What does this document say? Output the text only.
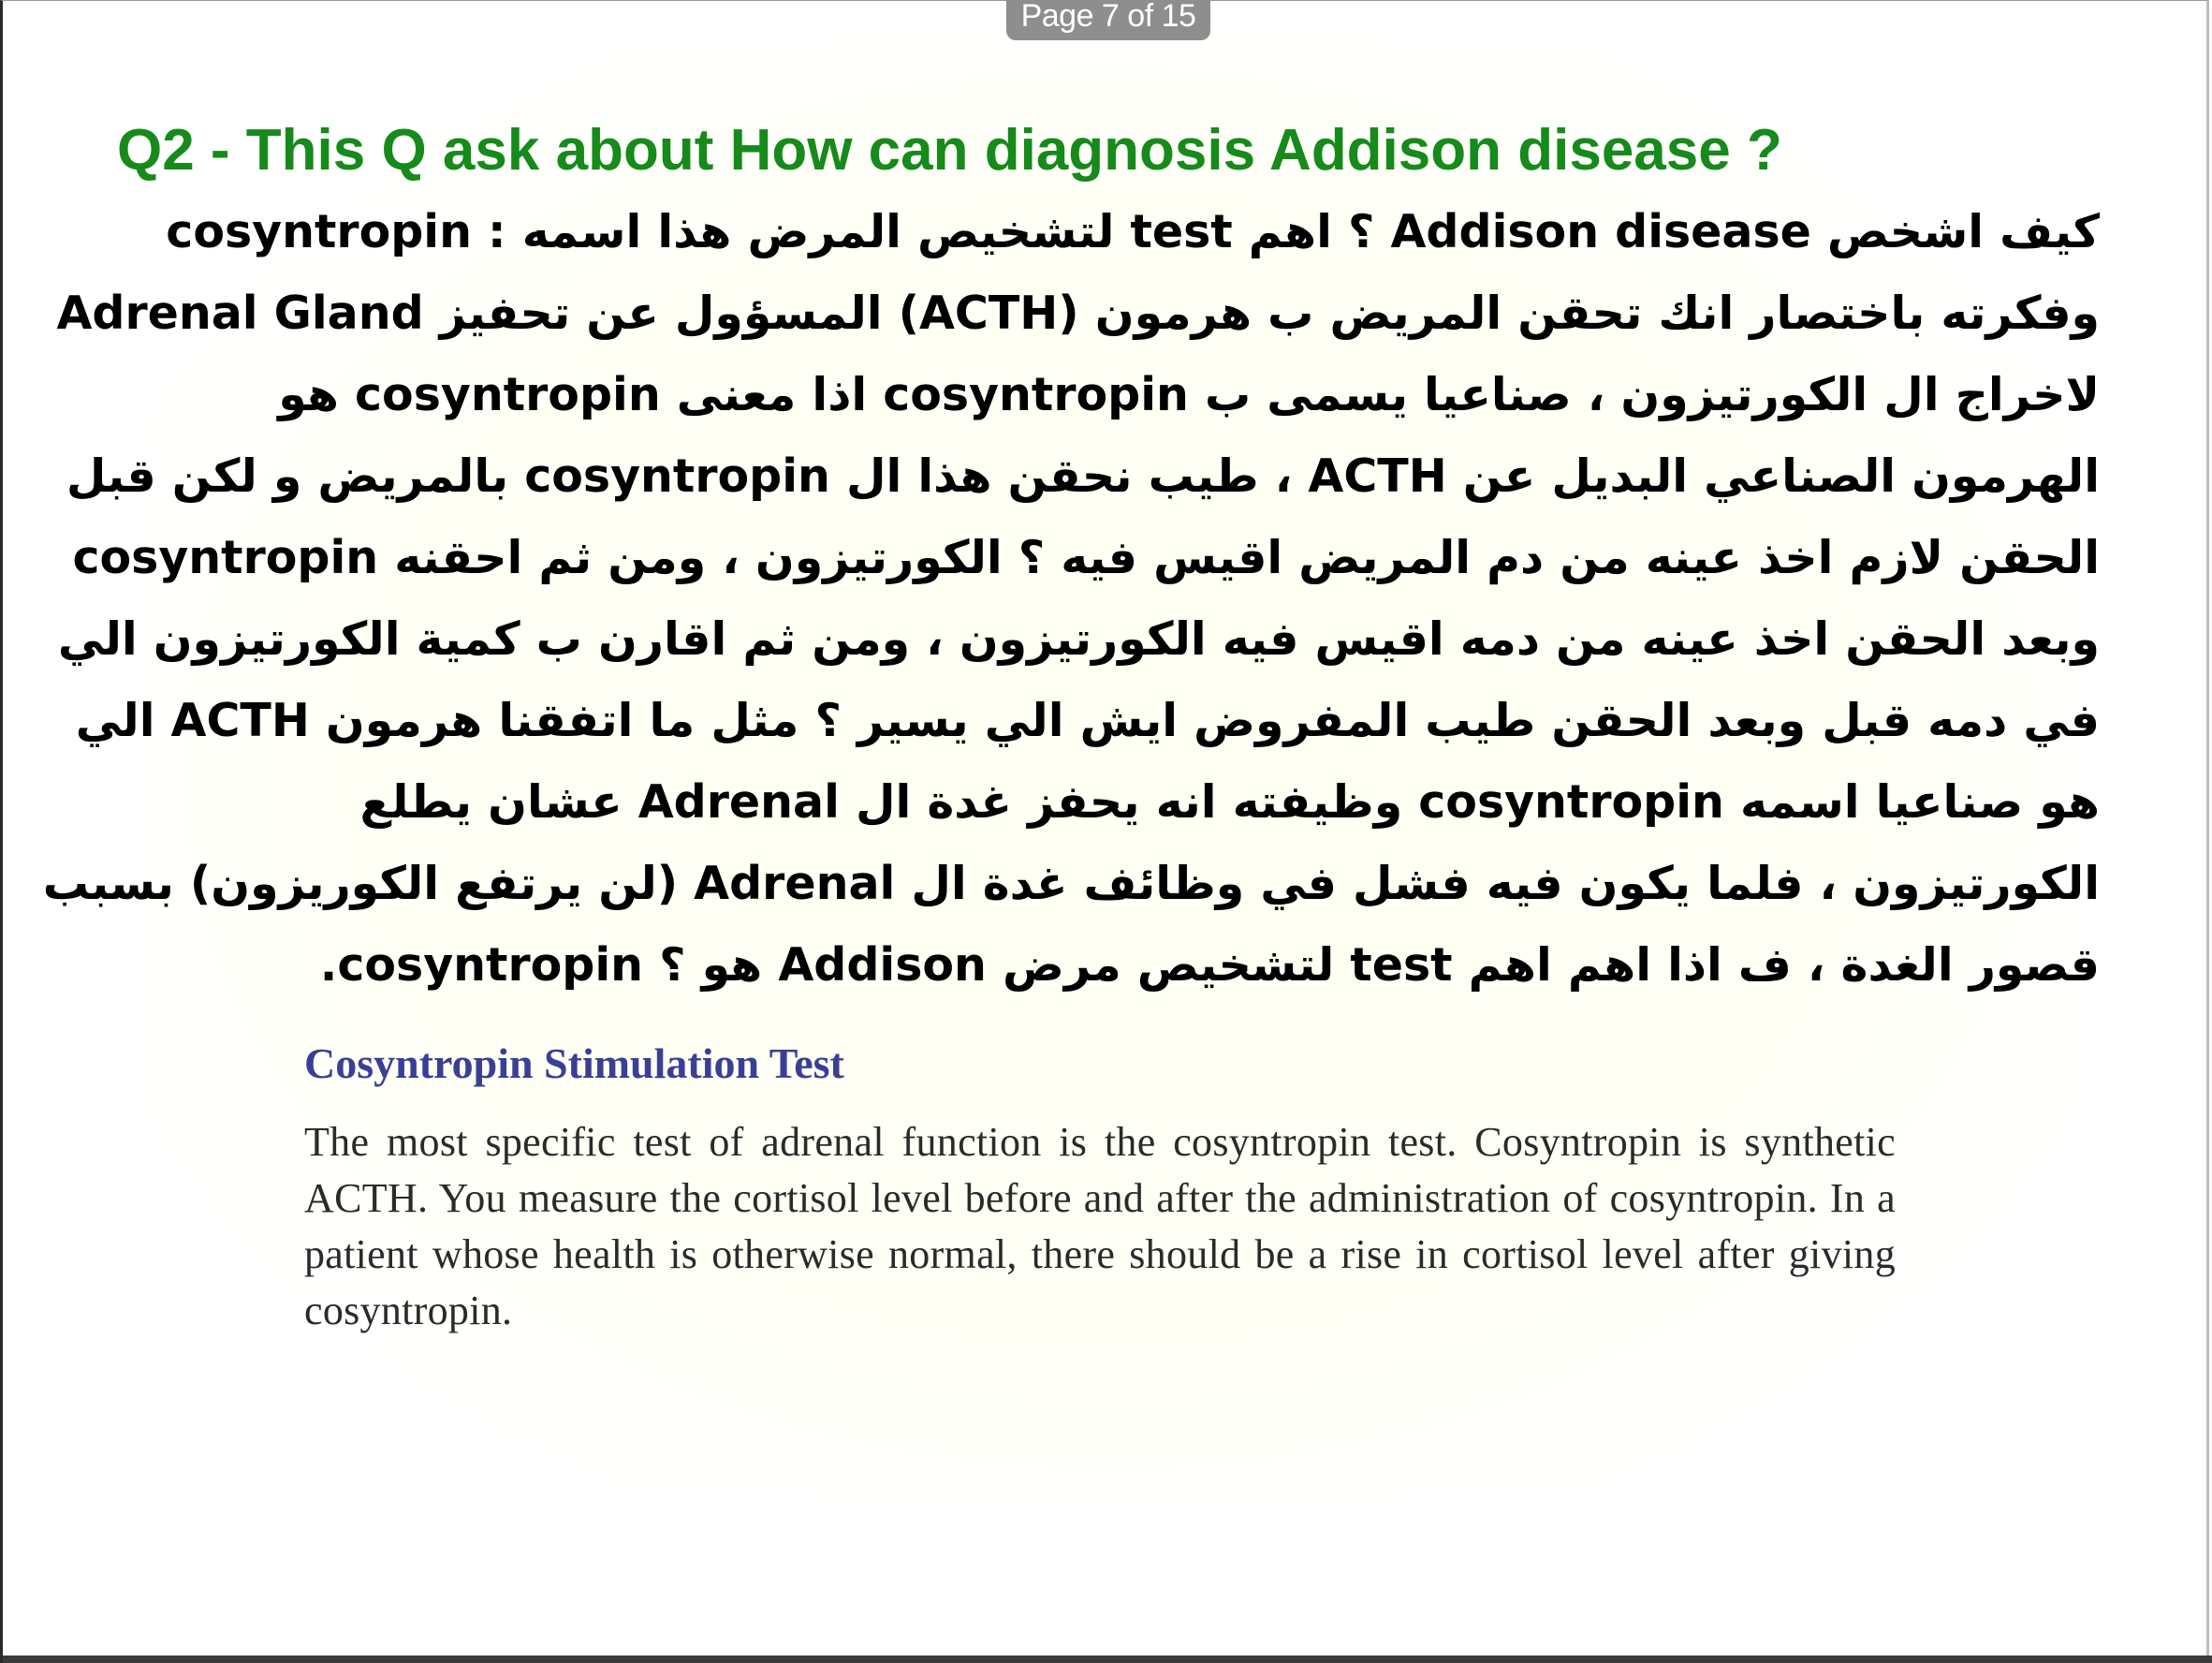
Page 7 of 15
Q2 - This Q ask about How can diagnosis Addison disease ?
كيف اشخص Addison disease ؟ اهم test لتشخيص المرض هذا اسمه : cosyntropin
وفكرته باختصار انك تحقن المريض ب هرمون (ACTH) المسؤول عن تحفيز Adrenal Gland
لاخراج ال الكورتيزون ، صناعيا يسمى ب cosyntropin اذا معنى cosyntropin هو
الهرمون الصناعي البديل عن ACTH ، طيب نحقن هذا ال cosyntropin بالمريض و لكن قبل
الحقن لازم اخذ عينه من دم المريض اقيس فيه ؟ الكورتيزون ، ومن ثم احقنه cosyntropin
وبعد الحقن اخذ عينه من دمه اقيس فيه الكورتيزون ، ومن ثم اقارن ب كمية الكورتيزون الي
في دمه قبل وبعد الحقن طيب المفروض ايش الي يسير ؟ مثل ما اتفقنا هرمون ACTH الي
هو صناعيا اسمه cosyntropin وظيفته انه يحفز غدة ال Adrenal عشان يطلع
الكورتيزون ، فلما يكون فيه فشل في وظائف غدة ال Adrenal (لن يرتفع الكوريزون) بسبب
قصور الغدة ، ف اذا اهم اهم test لتشخيص مرض Addison هو ؟ cosyntropin.
Cosyntropin Stimulation Test

The most specific test of adrenal function is the cosyntropin test. Cosyntropin is synthetic ACTH. You measure the cortisol level before and after the administration of cosyntropin. In a patient whose health is otherwise normal, there should be a rise in cortisol level after giving cosyntropin.
